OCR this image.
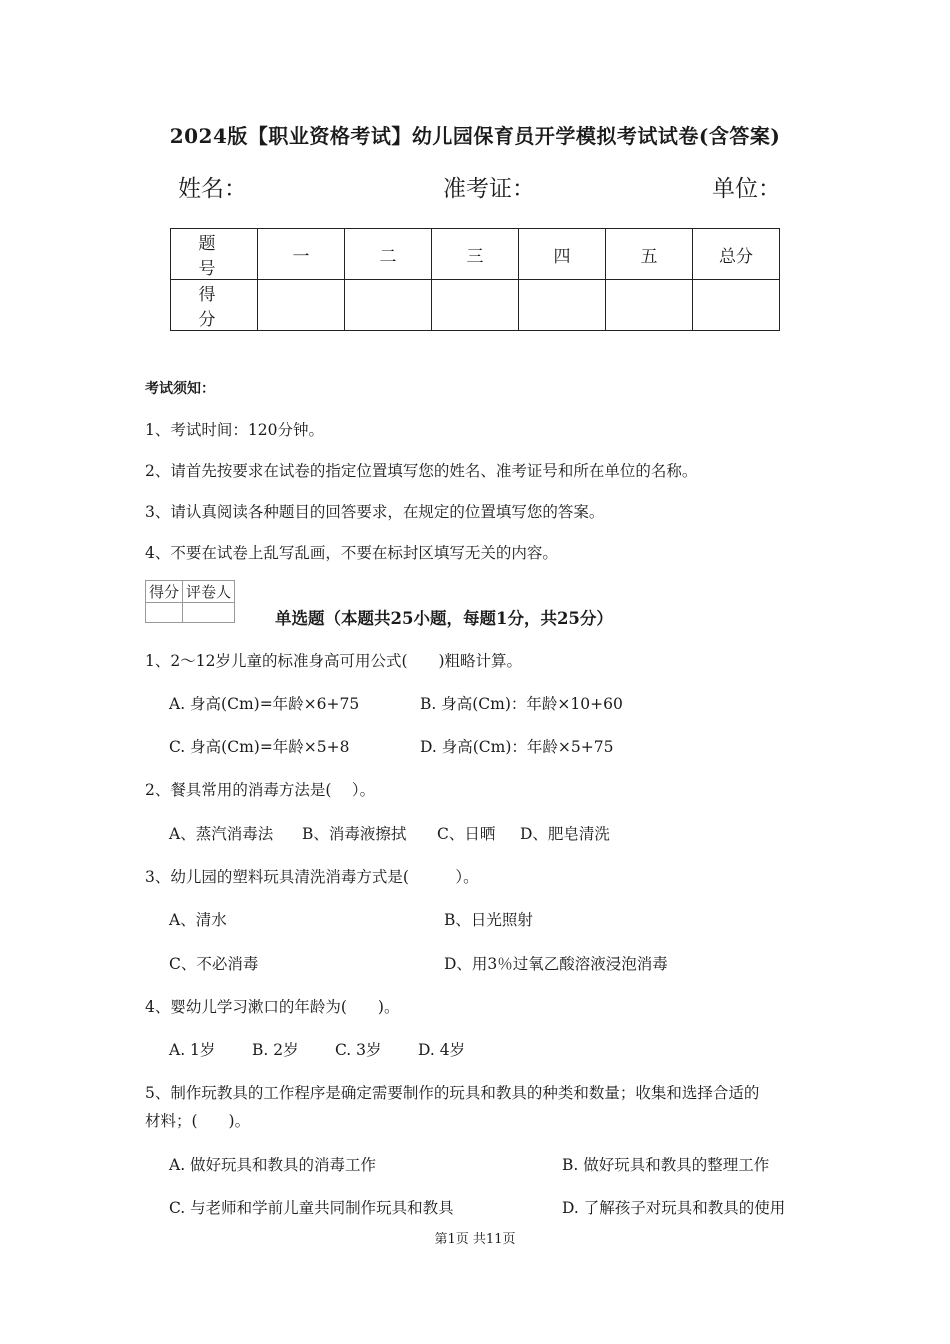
2024版【职业资格考试】幼儿园保育员开学模拟考试试卷(含答案)
姓名：	准考证：	单位：
题　号	一	二	三	四	五	总分
得　分						
考试须知：
1、考试时间：120分钟。
2、请首先按要求在试卷的指定位置填写您的姓名、准考证号和所在单位的名称。
3、请认真阅读各种题目的回答要求，在规定的位置填写您的答案。
4、不要在试卷上乱写乱画，不要在标封区填写无关的内容。
得分	评卷人

单选题（本题共25小题，每题1分，共25分）
1、2～12岁儿童的标准身高可用公式(　　)粗略计算。
A. 身高(Cm)=年龄×6+75	B. 身高(Cm)：年龄×10+60
C. 身高(Cm)=年龄×5+8	D. 身高(Cm)：年龄×5+75
2、餐具常用的消毒方法是(　 ）。
A、蒸汽消毒法 B、消毒液擦拭 C、日晒 D、肥皂清洗
3、幼儿园的塑料玩具清洗消毒方式是(　　　）。
A、清水	B、日光照射
C、不必消毒	D、用3％过氧乙酸溶液浸泡消毒
4、婴幼儿学习漱口的年龄为(　　)。
A. 1岁 B. 2岁 C. 3岁 D. 4岁
5、制作玩教具的工作程序是确定需要制作的玩具和教具的种类和数量；收集和选择合适的
材料；(　　)。
A. 做好玩具和教具的消毒工作	B. 做好玩具和教具的整理工作
C. 与老师和学前儿童共同制作玩具和教具	D. 了解孩子对玩具和教具的使用
第1页 共11页
